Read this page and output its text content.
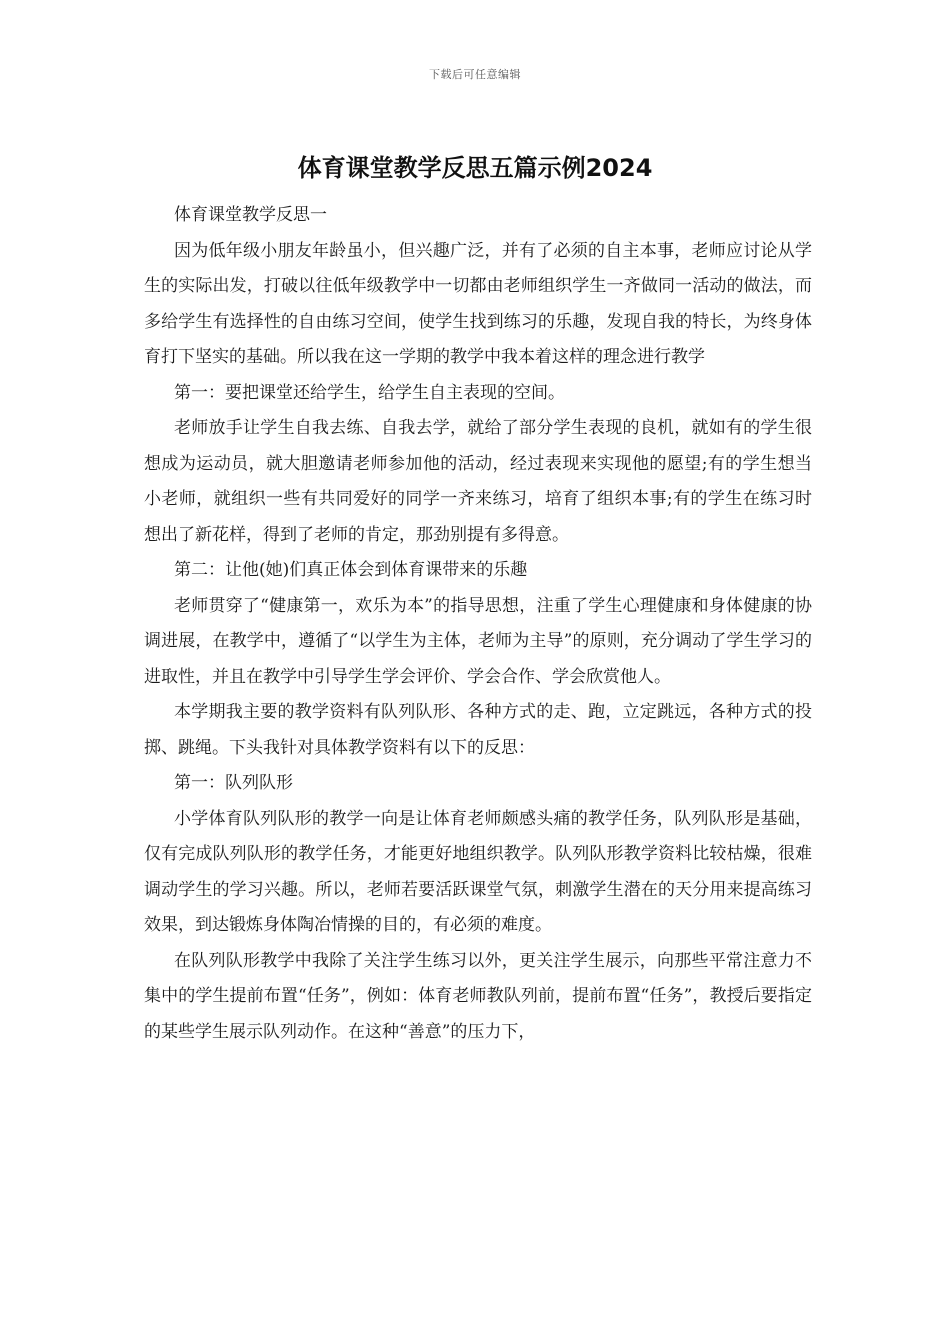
下载后可任意编辑
体育课堂教学反思五篇示例2024

体育课堂教学反思一

因为低年级小朋友年龄虽小，但兴趣广泛，并有了必须的自主本事，老师应讨论从学生的实际出发，打破以往低年级教学中一切都由老师组织学生一齐做同一活动的做法，而多给学生有选择性的自由练习空间，使学生找到练习的乐趣，发现自我的特长，为终身体育打下坚实的基础。所以我在这一学期的教学中我本着这样的理念进行教学

第一：要把课堂还给学生，给学生自主表现的空间。

老师放手让学生自我去练、自我去学，就给了部分学生表现的良机，就如有的学生很想成为运动员，就大胆邀请老师参加他的活动，经过表现来实现他的愿望;有的学生想当小老师，就组织一些有共同爱好的同学一齐来练习，培育了组织本事;有的学生在练习时想出了新花样，得到了老师的肯定，那劲别提有多得意。

第二：让他(她)们真正体会到体育课带来的乐趣

老师贯穿了“健康第一，欢乐为本”的指导思想，注重了学生心理健康和身体健康的协调进展，在教学中，遵循了“以学生为主体，老师为主导”的原则，充分调动了学生学习的进取性，并且在教学中引导学生学会评价、学会合作、学会欣赏他人。

本学期我主要的教学资料有队列队形、各种方式的走、跑，立定跳远，各种方式的投掷、跳绳。下头我针对具体教学资料有以下的反思：

第一：队列队形

小学体育队列队形的教学一向是让体育老师颇感头痛的教学任务，队列队形是基础，仅有完成队列队形的教学任务，才能更好地组织教学。队列队形教学资料比较枯燥，很难调动学生的学习兴趣。所以，老师若要活跃课堂气氛，刺激学生潜在的天分用来提高练习效果，到达锻炼身体陶冶情操的目的，有必须的难度。

在队列队形教学中我除了关注学生练习以外，更关注学生展示，向那些平常注意力不集中的学生提前布置“任务”，例如：体育老师教队列前，提前布置“任务”，教授后要指定的某些学生展示队列动作。在这种“善意”的压力下，
